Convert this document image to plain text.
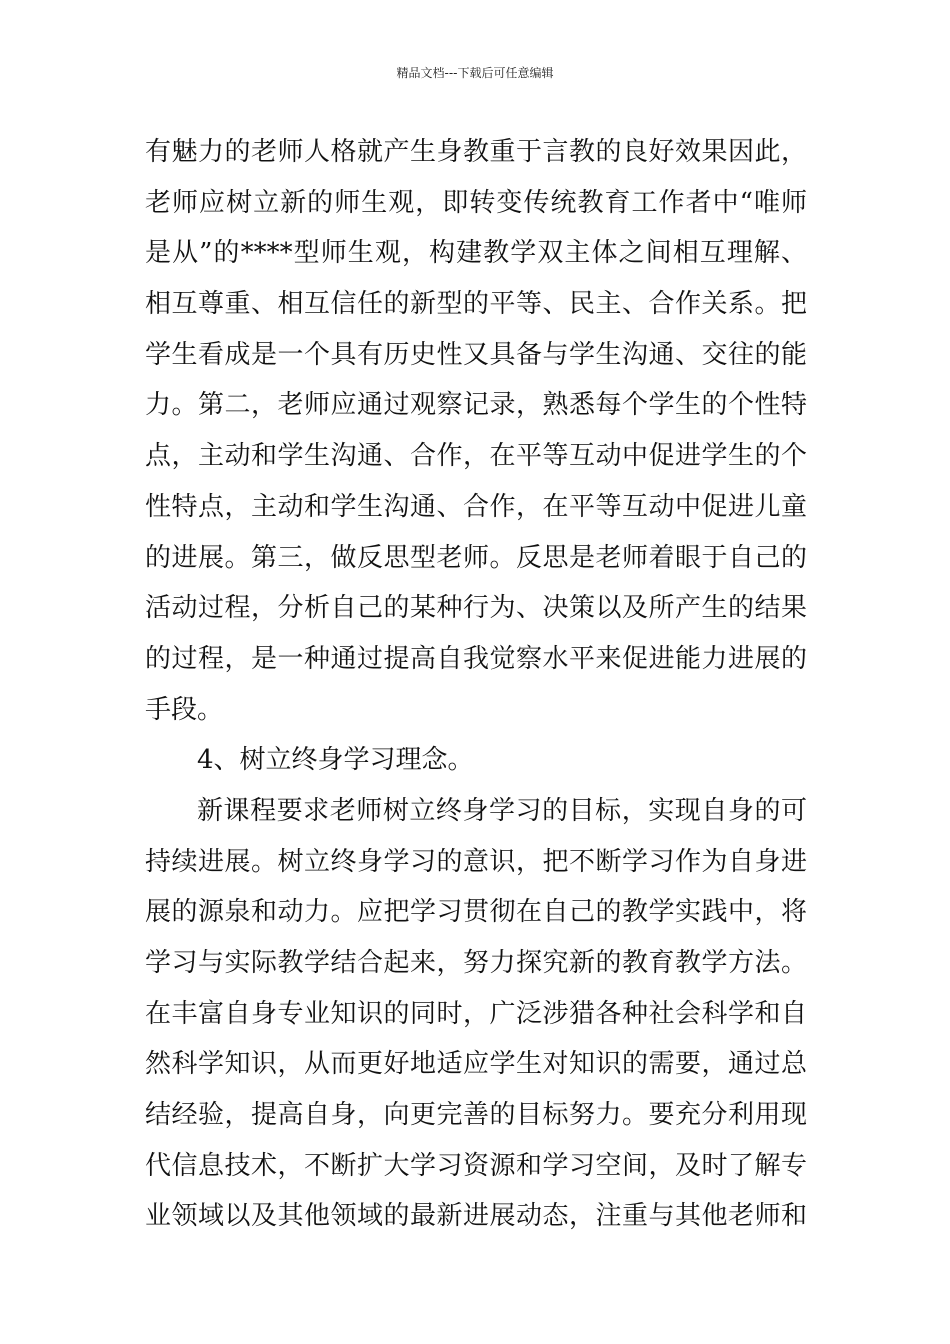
精品文档---下载后可任意编辑
有魅力的老师人格就产生身教重于言教的良好效果因此，
老师应树立新的师生观，即转变传统教育工作者中“唯师
是从”的****型师生观，构建教学双主体之间相互理解、
相互尊重、相互信任的新型的平等、民主、合作关系。把
学生看成是一个具有历史性又具备与学生沟通、交往的能
力。第二，老师应通过观察记录，熟悉每个学生的个性特
点，主动和学生沟通、合作，在平等互动中促进学生的个
性特点，主动和学生沟通、合作，在平等互动中促进儿童
的进展。第三，做反思型老师。反思是老师着眼于自己的
活动过程，分析自己的某种行为、决策以及所产生的结果
的过程，是一种通过提高自我觉察水平来促进能力进展的
手段。
4、树立终身学习理念。
新课程要求老师树立终身学习的目标，实现自身的可
持续进展。树立终身学习的意识，把不断学习作为自身进
展的源泉和动力。应把学习贯彻在自己的教学实践中，将
学习与实际教学结合起来，努力探究新的教育教学方法。
在丰富自身专业知识的同时，广泛涉猎各种社会科学和自
然科学知识，从而更好地适应学生对知识的需要，通过总
结经验，提高自身，向更完善的目标努力。要充分利用现
代信息技术，不断扩大学习资源和学习空间，及时了解专
业领域以及其他领域的最新进展动态，注重与其他老师和
